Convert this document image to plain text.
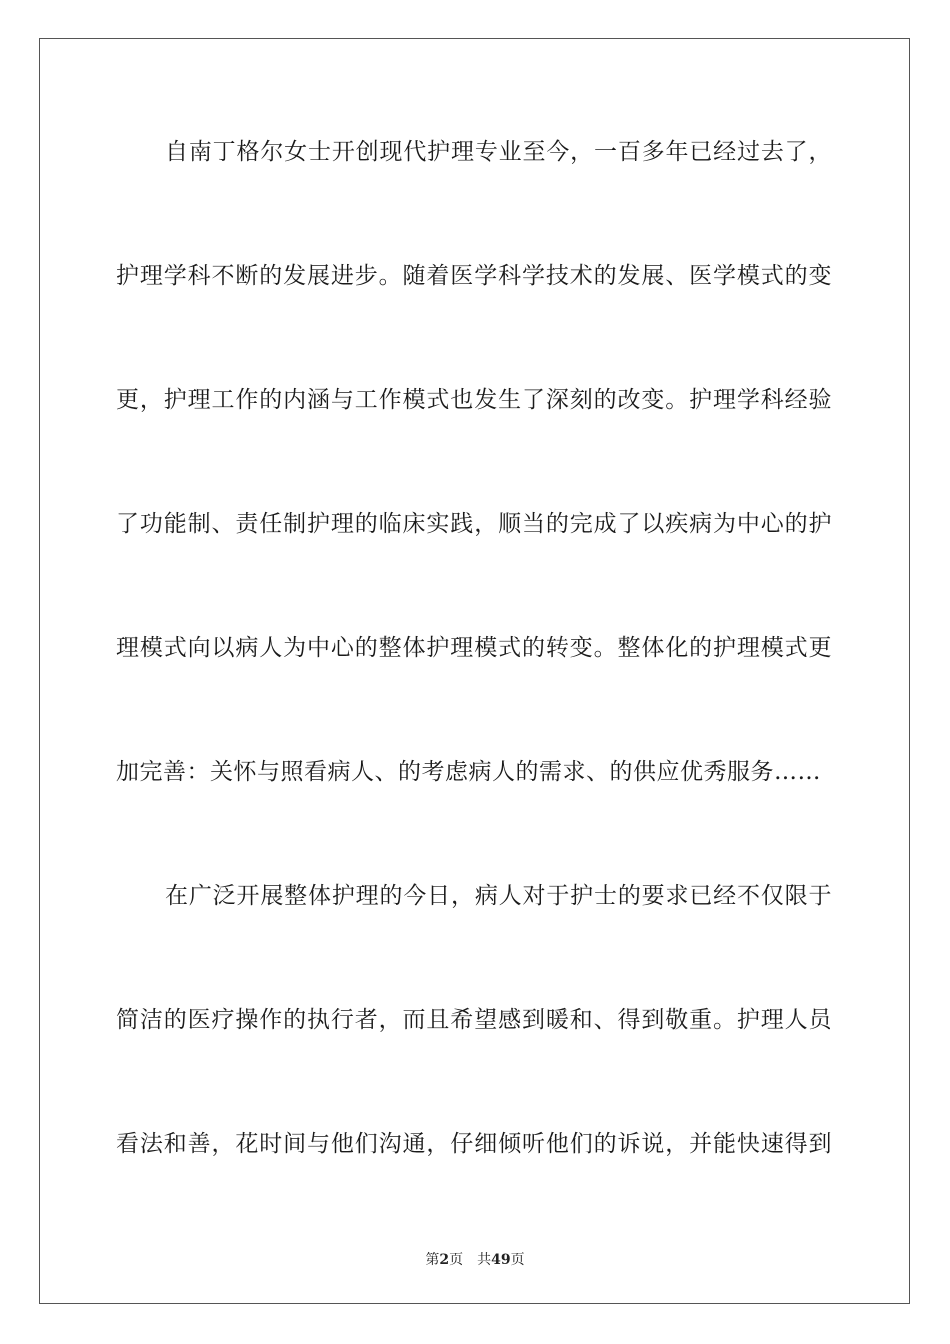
自南丁格尔女士开创现代护理专业至今，一百多年已经过去了，
护理学科不断的发展进步。随着医学科学技术的发展、医学模式的变
更，护理工作的内涵与工作模式也发生了深刻的改变。护理学科经验
了功能制、责任制护理的临床实践，顺当的完成了以疾病为中心的护
理模式向以病人为中心的整体护理模式的转变。整体化的护理模式更
加完善：关怀与照看病人、的考虑病人的需求、的供应优秀服务……
在广泛开展整体护理的今日，病人对于护士的要求已经不仅限于
简洁的医疗操作的执行者，而且希望感到暖和、得到敬重。护理人员
看法和善，花时间与他们沟通，仔细倾听他们的诉说，并能快速得到
第2页 共49页
